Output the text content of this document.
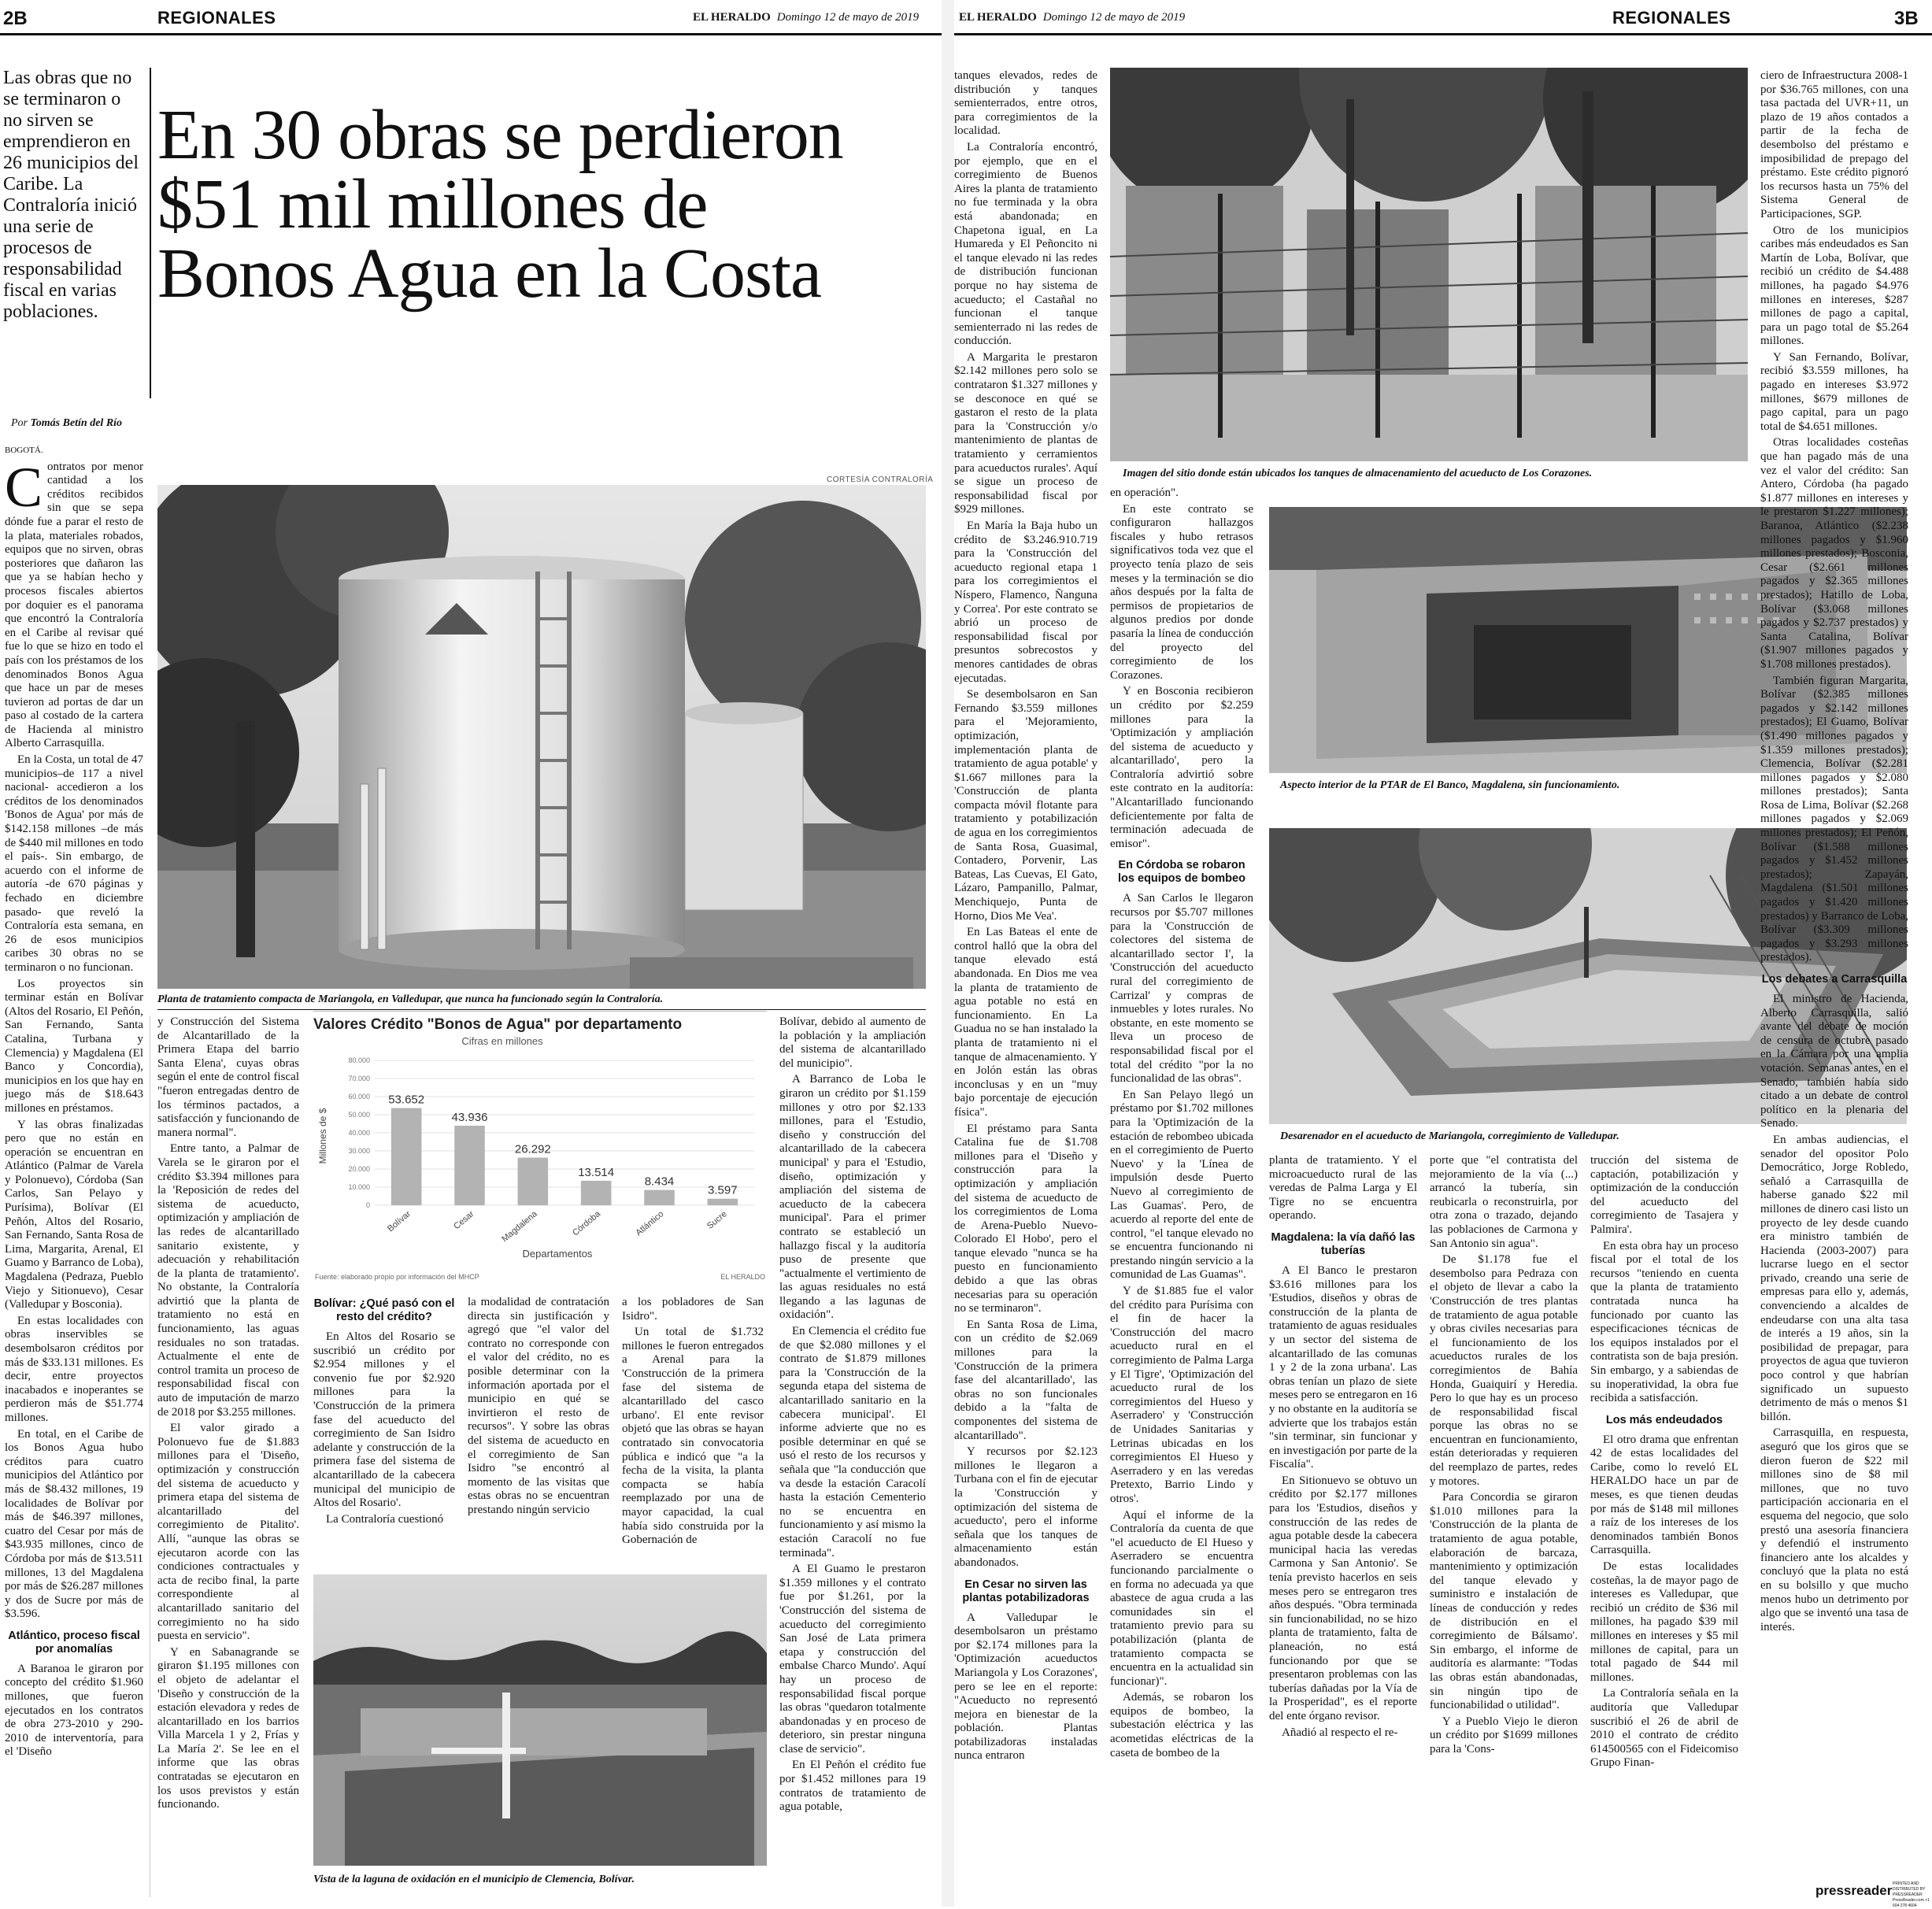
2B	REGIONALES	EL HERALDO Domingo 12 de mayo de 2019
Las obras que no se terminaron o no sirven se emprendieron en 26 municipios del Caribe. La Contraloría inició una serie de procesos de responsabilidad fiscal en varias poblaciones.
En 30 obras se perdieron $51 mil millones de Bonos Agua en la Costa
Por Tomás Betín del Río
CORTESÍA CONTRALORÍA
Planta de tratamiento compacta de Mariangola, en Valledupar, que nunca ha funcionado según la Contraloría.

BOGOTÁ.

Contratos por menor cantidad a los créditos recibidos sin que se sepa dónde fue a parar el resto de la plata, materiales robados, equipos que no sirven, obras posteriores que dañaron las que ya se habían hecho y procesos fiscales abiertos por doquier es el panorama que encontró la Contraloría en el Caribe al revisar qué fue lo que se hizo en todo el país con los préstamos de los denominados Bonos Agua que hace un par de meses tuvieron ad portas de dar un paso al costado de la cartera de Hacienda al ministro Alberto Carrasquilla.

En la Costa, un total de 47 municipios–de 117 a nivel nacional- accedieron a los créditos de los denominados 'Bonos de Agua' por más de $142.158 millones –de más de $440 mil millones en todo el país-. Sin embargo, de acuerdo con el informe de autoría -de 670 páginas y fechado en diciembre pasado- que reveló la Contraloría esta semana, en 26 de esos municipios caribes 30 obras no se terminaron o no funcionan.

Los proyectos sin terminar están en Bolívar (Altos del Rosario, El Peñón, San Fernando, Santa Catalina, Turbana y Clemencia) y Magdalena (El Banco y Concordia), municipios en los que hay en juego más de $18.643 millones en préstamos.

Y las obras finalizadas pero que no están en operación se encuentran en Atlántico (Palmar de Varela y Polonuevo), Córdoba (San Carlos, San Pelayo y Purísima), Bolívar (El Peñón, Altos del Rosario, San Fernando, Santa Rosa de Lima, Margarita, Arenal, El Guamo y Barranco de Loba), Magdalena (Pedraza, Pueblo Viejo y Sitionuevo), Cesar (Valledupar y Bosconia).

En estas localidades con obras inservibles se desembolsaron créditos por más de $33.131 millones. Es decir, entre proyectos inacabados e inoperantes se perdieron más de $51.774 millones.

En total, en el Caribe de los Bonos Agua hubo créditos para cuatro municipios del Atlántico por más de $8.432 millones, 19 localidades de Bolívar por más de $46.397 millones, cuatro del Cesar por más de $43.935 millones, cinco de Córdoba por más de $13.511 millones, 13 del Magdalena por más de $26.287 millones y dos de Sucre por más de $3.596.

Atlántico, proceso fiscal por anomalías

A Baranoa le giraron por concepto del crédito $1.960 millones, que fueron ejecutados en los contratos de obra 273-2010 y 290-2010 de interventoría, para el 'Diseño

y Construcción del Sistema de Alcantarillado de la Primera Etapa del barrio Santa Elena', cuyas obras según el ente de control fiscal "fueron entregadas dentro de los términos pactados, a satisfacción y funcionando de manera normal".

Entre tanto, a Palmar de Varela se le giraron por el crédito $3.394 millones para la 'Reposición de redes del sistema de acueducto, optimización y ampliación de las redes de alcantarillado sanitario existente, y adecuación y rehabilitación de la planta de tratamiento'. No obstante, la Contraloría advirtió que la planta de tratamiento no está en funcionamiento, las aguas residuales no son tratadas. Actualmente el ente de control tramita un proceso de responsabilidad fiscal con auto de imputación de marzo de 2018 por $3.255 millones.

El valor girado a Polonuevo fue de $1.883 millones para el 'Diseño, optimización y construcción del sistema de acueducto y primera etapa del sistema de alcantarillado del corregimiento de Pitalito'. Allí, "aunque las obras se ejecutaron acorde con las condiciones contractuales y acta de recibo final, la parte correspondiente al alcantarillado sanitario del corregimiento no ha sido puesta en servicio".

Y en Sabanagrande se giraron $1.195 millones con el objeto de adelantar el 'Diseño y construcción de la estación elevadora y redes de alcantarillado en los barrios Villa Marcela 1 y 2, Frías y La María 2'. Se lee en el informe que las obras contratadas se ejecutaron en los usos previstos y están funcionando.

Valores Crédito "Bonos de Agua" por departamento
Cifras en millones
Millones de $
Departamentos
Fuente: elaborado propio por información del MHCP	EL HERALDO
0
10.000
20.000
30.000
40.000
50.000
60.000
70.000
80.000
53.652
Bolívar
43.936
Cesar
26.292
Magdalena
13.514
Córdoba
8.434
Atlántico
3.597
Sucre
Bolívar: ¿Qué pasó con el resto del crédito?

En Altos del Rosario se suscribió un crédito por $2.954 millones y el convenio fue por $2.920 millones para la 'Construcción de la primera fase del acueducto del corregimiento de San Isidro adelante y construcción de la primera fase del sistema de alcantarillado de la cabecera municipal del municipio de Altos del Rosario'.

La Contraloría cuestionó

la modalidad de contratación directa sin justificación y agregó que "el valor del contrato no corresponde con el valor del crédito, no es posible determinar con la información aportada por el municipio en qué se invirtieron el resto de recursos". Y sobre las obras del sistema de acueducto en el corregimiento de San Isidro "se encontró al momento de las visitas que estas obras no se encuentran prestando ningún servicio

a los pobladores de San Isidro".

Un total de $1.732 millones le fueron entregados a Arenal para la 'Construcción de la primera fase del sistema de alcantarillado del casco urbano'. El ente revisor objetó que las obras se hayan contratado sin convocatoria pública e indicó que "a la fecha de la visita, la planta compacta se había reemplazado por una de mayor capacidad, la cual había sido construida por la Gobernación de

Vista de la laguna de oxidación en el municipio de Clemencia, Bolívar.

Bolívar, debido al aumento de la población y la ampliación del sistema de alcantarillado del municipio".

A Barranco de Loba le giraron un crédito por $1.159 millones y otro por $2.133 millones, para el 'Estudio, diseño y construcción del alcantarillado de la cabecera municipal' y para el 'Estudio, diseño, optimización y ampliación del sistema de acueducto de la cabecera municipal'. Para el primer contrato se estableció un hallazgo fiscal y la auditoría puso de presente que "actualmente el vertimiento de las aguas residuales no está llegando a las lagunas de oxidación".

En Clemencia el crédito fue de que $2.080 millones y el contrato de $1.879 millones para la 'Construcción de la segunda etapa del sistema de alcantarillado sanitario en la cabecera municipal'. El informe advierte que no es posible determinar en qué se usó el resto de los recursos y señala que "la conducción que va desde la estación Caracolí hasta la estación Cementerio no se encuentra en funcionamiento y así mismo la estación Caracolí no fue terminada".

A El Guamo le prestaron $1.359 millones y el contrato fue por $1.261, por la 'Construcción del sistema de acueducto del corregimiento San José de Lata primera etapa y construcción del embalse Charco Mundo'. Aquí hay un proceso de responsabilidad fiscal porque las obras "quedaron totalmente abandonadas y en proceso de deterioro, sin prestar ninguna clase de servicio".

En El Peñón el crédito fue por $1.452 millones para 19 contratos de tratamiento de agua potable,

EL HERALDO Domingo 12 de mayo de 2019	REGIONALES	3B

tanques elevados, redes de distribución y tanques semienterrados, entre otros, para corregimientos de la localidad.

La Contraloría encontró, por ejemplo, que en el corregimiento de Buenos Aires la planta de tratamiento no fue terminada y la obra está abandonada; en Chapetona igual, en La Humareda y El Peñoncito ni el tanque elevado ni las redes de distribución funcionan porque no hay sistema de acueducto; el Castañal no funcionan el tanque semienterrado ni las redes de conducción.

A Margarita le prestaron $2.142 millones pero solo se contrataron $1.327 millones y se desconoce en qué se gastaron el resto de la plata para la 'Construcción y/o mantenimiento de plantas de tratamiento y cerramientos para acueductos rurales'. Aquí se sigue un proceso de responsabilidad fiscal por $929 millones.

En María la Baja hubo un crédito de $3.246.910.719 para la 'Construcción del acueducto regional etapa 1 para los corregimientos el Níspero, Flamenco, Ñanguna y Correa'. Por este contrato se abrió un proceso de responsabilidad fiscal por presuntos sobrecostos y menores cantidades de obras ejecutadas.

Se desembolsaron en San Fernando $3.559 millones para el 'Mejoramiento, optimización, implementación planta de tratamiento de agua potable' y $1.667 millones para la 'Construcción de planta compacta móvil flotante para tratamiento y potabilización de agua en los corregimientos de Santa Rosa, Guasimal, Contadero, Porvenir, Las Bateas, Las Cuevas, El Gato, Lázaro, Pampanillo, Palmar, Menchiquejo, Punta de Horno, Dios Me Vea'.

En Las Bateas el ente de control halló que la obra del tanque elevado está abandonada. En Dios me vea la planta de tratamiento de agua potable no está en funcionamiento. En La Guadua no se han instalado la planta de tratamiento ni el tanque de almacenamiento. Y en Jolón están las obras inconclusas y en un "muy bajo porcentaje de ejecución física".

El préstamo para Santa Catalina fue de $1.708 millones para el 'Diseño y construcción para la optimización y ampliación del sistema de acueducto de los corregimientos de Loma de Arena-Pueblo Nuevo-Colorado El Hobo', pero el tanque elevado "nunca se ha puesto en funcionamiento debido a que las obras necesarias para su operación no se terminaron".

En Santa Rosa de Lima, con un crédito de $2.069 millones para la 'Construcción de la primera fase del alcantarillado', las obras no son funcionales debido a la "falta de componentes del sistema de alcantarillado".

Y recursos por $2.123 millones le llegaron a Turbana con el fin de ejecutar la 'Construcción y optimización del sistema de acueducto', pero el informe señala que los tanques de almacenamiento están abandonados.

En Cesar no sirven las plantas potabilizadoras

A Valledupar le desembolsaron un préstamo por $2.174 millones para la 'Optimización acueductos Mariangola y Los Corazones', pero se lee en el reporte: "Acueducto no representó mejora en bienestar de la población. Plantas potabilizadoras instaladas nunca entraron

Imagen del sitio donde están ubicados los tanques de almacenamiento del acueducto de Los Corazones.

en operación".

En este contrato se configuraron hallazgos fiscales y hubo retrasos significativos toda vez que el proyecto tenía plazo de seis meses y la terminación se dio años después por la falta de permisos de propietarios de algunos predios por donde pasaría la línea de conducción del proyecto del corregimiento de los Corazones.

Y en Bosconia recibieron un crédito por $2.259 millones para la 'Optimización y ampliación del sistema de acueducto y alcantarillado', pero la Contraloría advirtió sobre este contrato en la auditoría: "Alcantarillado funcionando deficientemente por falta de terminación adecuada de emisor".

En Córdoba se robaron los equipos de bombeo

A San Carlos le llegaron recursos por $5.707 millones para la 'Construcción de colectores del sistema de alcantarillado sector I', la 'Construcción del acueducto rural del corregimiento de Carrizal' y compras de inmuebles y lotes rurales. No obstante, en este momento se lleva un proceso de responsabilidad fiscal por el total del crédito "por la no funcionalidad de las obras".

En San Pelayo llegó un préstamo por $1.702 millones para la 'Optimización de la estación de rebombeo ubicada en el corregimiento de Puerto Nuevo' y la 'Línea de impulsión desde Puerto Nuevo al corregimiento de Las Guamas'. Pero, de acuerdo al reporte del ente de control, "el tanque elevado no se encuentra funcionando ni prestando ningún servicio a la comunidad de Las Guamas".

Y de $1.885 fue el valor del crédito para Purísima con el fin de hacer la 'Construcción del macro acueducto rural en el corregimiento de Palma Larga y El Tigre', 'Optimización del acueducto rural de los corregimientos del Hueso y Aserradero' y 'Construcción de Unidades Sanitarias y Letrinas ubicadas en los corregimientos El Hueso y Aserradero y en las veredas Pretexto, Barrio Lindo y otros'.

Aquí el informe de la Contraloría da cuenta de que "el acueducto de El Hueso y Aserradero se encuentra funcionando parcialmente o en forma no adecuada ya que abastece de agua cruda a las comunidades sin el tratamiento previo para su potabilización (planta de tratamiento compacta se encuentra en la actualidad sin funcionar)".

Además, se robaron los equipos de bombeo, la subestación eléctrica y las acometidas eléctricas de la caseta de bombeo de la

Aspecto interior de la PTAR de El Banco, Magdalena, sin funcionamiento.
Desarenador en el acueducto de Mariangola, corregimiento de Valledupar.

planta de tratamiento. Y el microacueducto rural de las veredas de Palma Larga y El Tigre no se encuentra operando.

Magdalena: la vía dañó las tuberías

A El Banco le prestaron $3.616 millones para los 'Estudios, diseños y obras de construcción de la planta de tratamiento de aguas residuales y un sector del sistema de alcantarillado de las comunas 1 y 2 de la zona urbana'. Las obras tenían un plazo de siete meses pero se entregaron en 16 y no obstante en la auditoría se advierte que los trabajos están "sin terminar, sin funcionar y en investigación por parte de la Fiscalía".

En Sitionuevo se obtuvo un crédito por $2.177 millones para los 'Estudios, diseños y construcción de las redes de agua potable desde la cabecera municipal hacia las veredas Carmona y San Antonio'. Se tenía previsto hacerlos en seis meses pero se entregaron tres años después. "Obra terminada sin funcionabilidad, no se hizo planta de tratamiento, falta de planeación, no está funcionando por que se presentaron problemas con las tuberías dañadas por la Vía de la Prosperidad", es el reporte del ente órgano revisor.

Añadió al respecto el re-

porte que "el contratista del mejoramiento de la vía (...) arrancó la tubería, sin reubicarla o reconstruirla, por otra zona o trazado, dejando las poblaciones de Carmona y San Antonio sin agua".

De $1.178 fue el desembolso para Pedraza con el objeto de llevar a cabo la 'Construcción de tres plantas de tratamiento de agua potable y obras civiles necesarias para el funcionamiento de los acueductos rurales de los corregimientos de Bahía Honda, Guaiquirí y Heredia. Pero lo que hay es un proceso de responsabilidad fiscal porque las obras no se encuentran en funcionamiento, están deterioradas y requieren del reemplazo de partes, redes y motores.

Para Concordia se giraron $1.010 millones para la 'Construcción de la planta de tratamiento de agua potable, elaboración de barcaza, mantenimiento y optimización del tanque elevado y suministro e instalación de líneas de conducción y redes de distribución en el corregimiento de Bálsamo'. Sin embargo, el informe de auditoría es alarmante: "Todas las obras están abandonadas, sin ningún tipo de funcionabilidad o utilidad".

Y a Pueblo Viejo le dieron un crédito por $1699 millones para la 'Cons-

trucción del sistema de captación, potabilización y optimización de la conducción del acueducto del corregimiento de Tasajera y Palmira'.

En esta obra hay un proceso fiscal por el total de los recursos "teniendo en cuenta que la planta de tratamiento contratada nunca ha funcionado por cuanto las especificaciones técnicas de los equipos instalados por el contratista son de baja presión. Sin embargo, y a sabiendas de su inoperatividad, la obra fue recibida a satisfacción.

Los más endeudados

El otro drama que enfrentan 42 de estas localidades del Caribe, como lo reveló EL HERALDO hace un par de meses, es que tienen deudas por más de $148 mil millones a raíz de los intereses de los denominados también Bonos Carrasquilla.

De estas localidades costeñas, la de mayor pago de intereses es Valledupar, que recibió un crédito de $36 mil millones, ha pagado $39 mil millones en intereses y $5 mil millones de capital, para un total pagado de $44 mil millones.

La Contraloría señala en la auditoría que Valledupar suscribió el 26 de abril de 2010 el contrato de crédito 614500565 con el Fideicomiso Grupo Finan-

ciero de Infraestructura 2008-1 por $36.765 millones, con una tasa pactada del UVR+11, un plazo de 19 años contados a partir de la fecha de desembolso del préstamo e imposibilidad de prepago del préstamo. Este crédito pignoró los recursos hasta un 75% del Sistema General de Participaciones, SGP.

Otro de los municipios caribes más endeudados es San Martín de Loba, Bolívar, que recibió un crédito de $4.488 millones, ha pagado $4.976 millones en intereses, $287 millones de pago a capital, para un pago total de $5.264 millones.

Y San Fernando, Bolívar, recibió $3.559 millones, ha pagado en intereses $3.972 millones, $679 millones de pago capital, para un pago total de $4.651 millones.

Otras localidades costeñas que han pagado más de una vez el valor del crédito: San Antero, Córdoba (ha pagado $1.877 millones en intereses y le prestaron $1.227 millones); Baranoa, Atlántico ($2.238 millones pagados y $1.960 millones prestados); Bosconia, Cesar ($2.661 millones pagados y $2.365 millones prestados); Hatillo de Loba, Bolívar ($3.068 millones pagados y $2.737 prestados) y Santa Catalina, Bolívar ($1.907 millones pagados y $1.708 millones prestados).

También figuran Margarita, Bolívar ($2.385 millones pagados y $2.142 millones prestados); El Guamo, Bolívar ($1.490 millones pagados y $1.359 millones prestados); Clemencia, Bolívar ($2.281 millones pagados y $2.080 millones prestados); Santa Rosa de Lima, Bolívar ($2.268 millones pagados y $2.069 millones prestados); El Peñón, Bolívar ($1.588 millones pagados y $1.452 millones prestados); Zapayán, Magdalena ($1.501 millones pagados y $1.420 millones prestados) y Barranco de Loba, Bolívar ($3.309 millones pagados y $3.293 millones prestados).

Los debates a Carrasquilla

El ministro de Hacienda, Alberto Carrasquilla, salió avante del debate de moción de censura de octubre pasado en la Cámara por una amplia votación. Semanas antes, en el Senado, también había sido citado a un debate de control político en la plenaria del Senado.

En ambas audiencias, el senador del opositor Polo Democrático, Jorge Robledo, señaló a Carrasquilla de haberse ganado $22 mil millones de dinero casi listo un proyecto de ley desde cuando era ministro también de Hacienda (2003-2007) para lucrarse luego en el sector privado, creando una serie de empresas para ello y, además, convenciendo a alcaldes de endeudarse con una alta tasa de interés a 19 años, sin la posibilidad de prepagar, para proyectos de agua que tuvieron poco control y que habrían significado un supuesto detrimento de más o menos $1 billón.

Carrasquilla, en respuesta, aseguró que los giros que se dieron fueron de $22 mil millones sino de $8 mil millones, que no tuvo participación accionaria en el esquema del negocio, que solo prestó una asesoría financiera y defendió el instrumento financiero ante los alcaldes y concluyó que la plata no está en su bolsillo y que mucho menos hubo un detrimento por algo que se inventó una tasa de interés.

pressreader PRINTED AND DISTRIBUTED BY PRESSREADER
PressReader.com +1 604 278 4604
